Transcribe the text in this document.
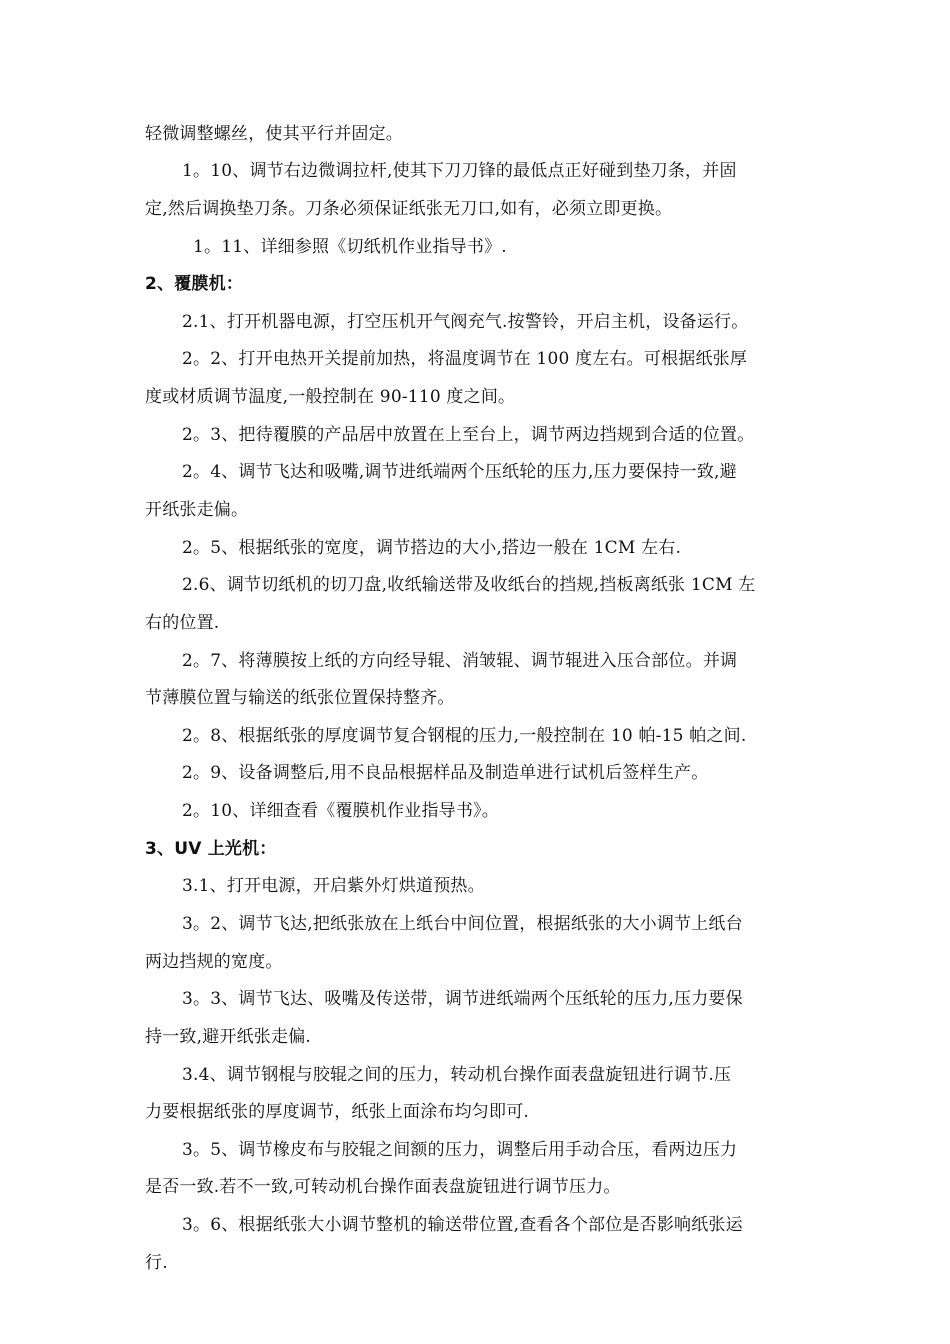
轻微调整螺丝，使其平行并固定。
1。10、调节右边微调拉杆,使其下刀刀锋的最低点正好碰到垫刀条，并固
定,然后调换垫刀条。刀条必须保证纸张无刀口,如有，必须立即更换。
1。11、详细参照《切纸机作业指导书》.
2、覆膜机：
2.1、打开机器电源，打空压机开气阀充气.按警铃，开启主机，设备运行。
2。2、打开电热开关提前加热，将温度调节在 100 度左右。可根据纸张厚
度或材质调节温度,一般控制在 90-110 度之间。
2。3、把待覆膜的产品居中放置在上至台上，调节两边挡规到合适的位置。
2。4、调节飞达和吸嘴,调节进纸端两个压纸轮的压力,压力要保持一致,避
开纸张走偏。
2。5、根据纸张的宽度，调节搭边的大小,搭边一般在 1CM 左右.
2.6、调节切纸机的切刀盘,收纸输送带及收纸台的挡规,挡板离纸张 1CM 左
右的位置.
2。7、将薄膜按上纸的方向经导辊、消皱辊、调节辊进入压合部位。并调
节薄膜位置与输送的纸张位置保持整齐。
2。8、根据纸张的厚度调节复合钢棍的压力,一般控制在 10 帕-15 帕之间.
2。9、设备调整后,用不良品根据样品及制造单进行试机后签样生产。
2。10、详细查看《覆膜机作业指导书》。
3、UV 上光机：
3.1、打开电源，开启紫外灯烘道预热。
3。2、调节飞达,把纸张放在上纸台中间位置，根据纸张的大小调节上纸台
两边挡规的宽度。
3。3、调节飞达、吸嘴及传送带，调节进纸端两个压纸轮的压力,压力要保
持一致,避开纸张走偏.
3.4、调节钢棍与胶辊之间的压力，转动机台操作面表盘旋钮进行调节.压
力要根据纸张的厚度调节，纸张上面涂布均匀即可.
3。5、调节橡皮布与胶辊之间额的压力，调整后用手动合压，看两边压力
是否一致.若不一致,可转动机台操作面表盘旋钮进行调节压力。
3。6、根据纸张大小调节整机的输送带位置,查看各个部位是否影响纸张运
行.
